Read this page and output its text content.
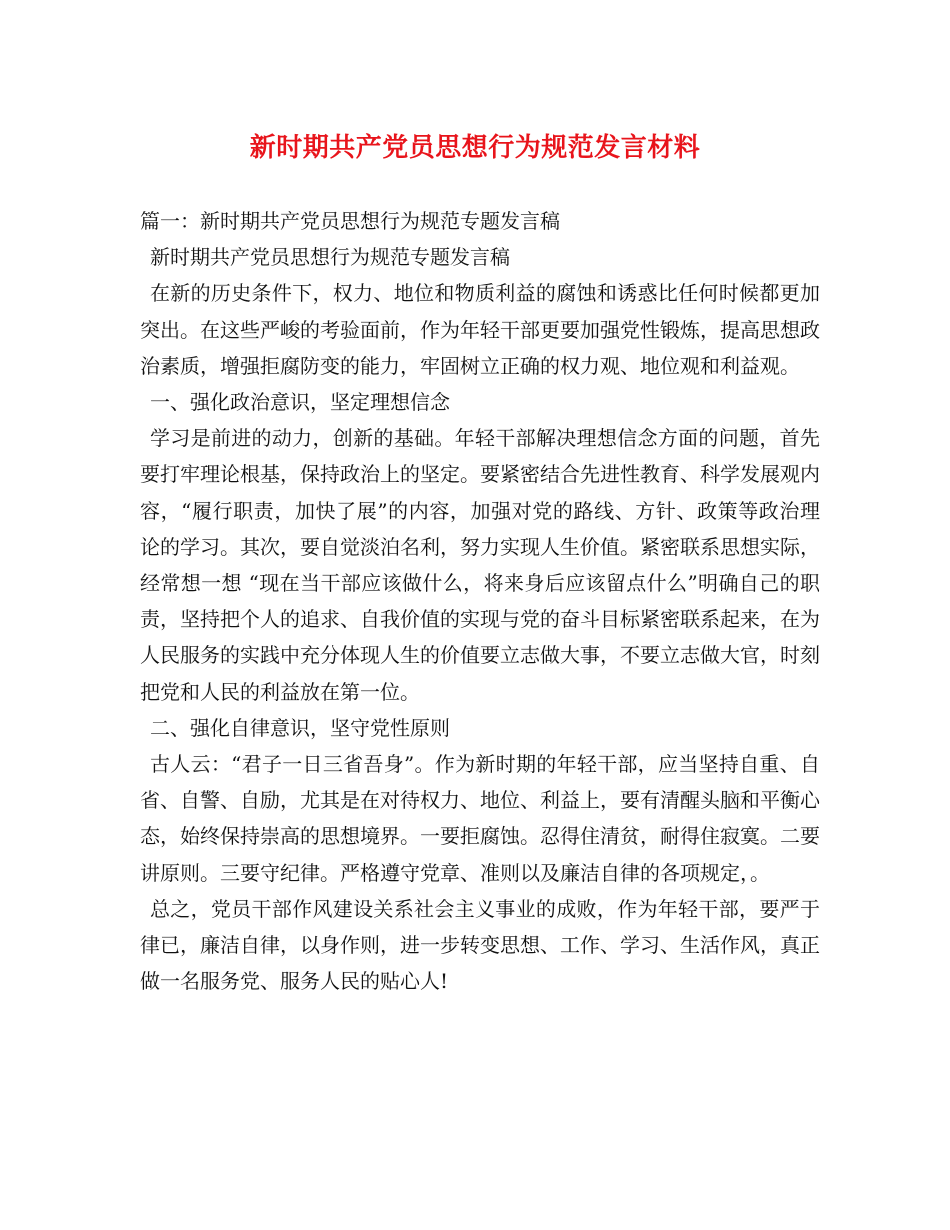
新时期共产党员思想行为规范发言材料

篇一：新时期共产党员思想行为规范专题发言稿

新时期共产党员思想行为规范专题发言稿

在新的历史条件下，权力、地位和物质利益的腐蚀和诱惑比任何时候都更加突出。在这些严峻的考验面前，作为年轻干部更要加强党性锻炼，提高思想政治素质，增强拒腐防变的能力，牢固树立正确的权力观、地位观和利益观。

一、强化政治意识，坚定理想信念

学习是前进的动力，创新的基础。年轻干部解决理想信念方面的问题，首先要打牢理论根基，保持政治上的坚定。要紧密结合先进性教育、科学发展观内容，“履行职责，加快了展”的内容，加强对党的路线、方针、政策等政治理论的学习。其次，要自觉淡泊名利，努力实现人生价值。紧密联系思想实际，经常想一想 “现在当干部应该做什么，将来身后应该留点什么”明确自己的职责，坚持把个人的追求、自我价值的实现与党的奋斗目标紧密联系起来，在为人民服务的实践中充分体现人生的价值要立志做大事，不要立志做大官，时刻把党和人民的利益放在第一位。

二、强化自律意识，坚守党性原则

古人云：“君子一日三省吾身”。作为新时期的年轻干部，应当坚持自重、自省、自警、自励，尤其是在对待权力、地位、利益上，要有清醒头脑和平衡心态，始终保持崇高的思想境界。一要拒腐蚀。忍得住清贫，耐得住寂寞。二要讲原则。三要守纪律。严格遵守党章、准则以及廉洁自律的各项规定，。

总之，党员干部作风建设关系社会主义事业的成败，作为年轻干部，要严于律已，廉洁自律，以身作则，进一步转变思想、工作、学习、生活作风，真正做一名服务党、服务人民的贴心人!
